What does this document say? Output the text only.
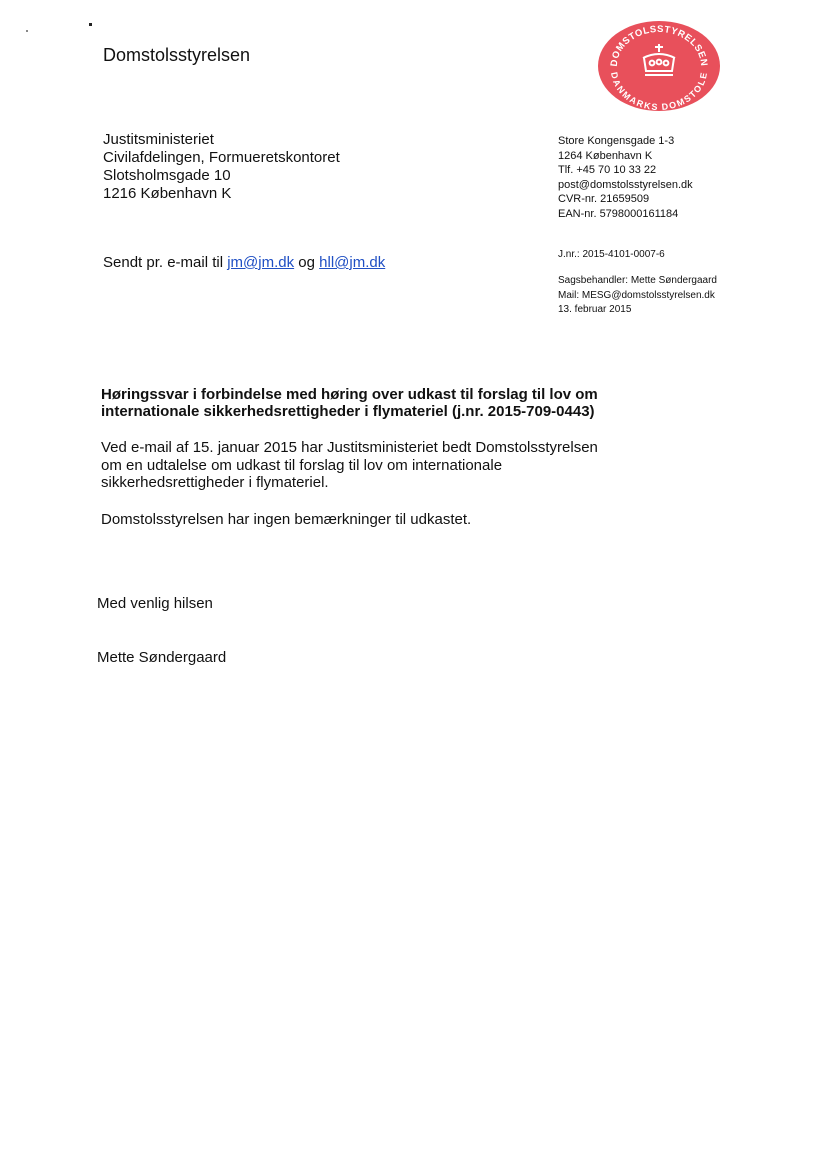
Domstolsstyrelsen	DOMSTOLSSTYRELSEN
DANMARKS DOMSTOLE
Justitsministeriet
Civilafdelingen, Formueretskontoret
Slotsholmsgade 10
1216 København K
Store Kongensgade 1-3
1264 København K
Tlf. +45 70 10 33 22
post@domstolsstyrelsen.dk
CVR-nr. 21659509
EAN-nr. 5798000161184
Sendt pr. e-mail til jm@jm.dk og hll@jm.dk	J.nr.: 2015-4101-0007-6
Sagsbehandler: Mette Søndergaard
Mail: MESG@domstolsstyrelsen.dk
13. februar 2015
Høringssvar i forbindelse med høring over udkast til forslag til lov om
internationale sikkerhedsrettigheder i flymateriel (j.nr. 2015-709-0443)
Ved e-mail af 15. januar 2015 har Justitsministeriet bedt Domstolsstyrelsen
om en udtalelse om udkast til forslag til lov om internationale
sikkerhedsrettigheder i flymateriel.
Domstolsstyrelsen har ingen bemærkninger til udkastet.
Med venlig hilsen
Mette Søndergaard
